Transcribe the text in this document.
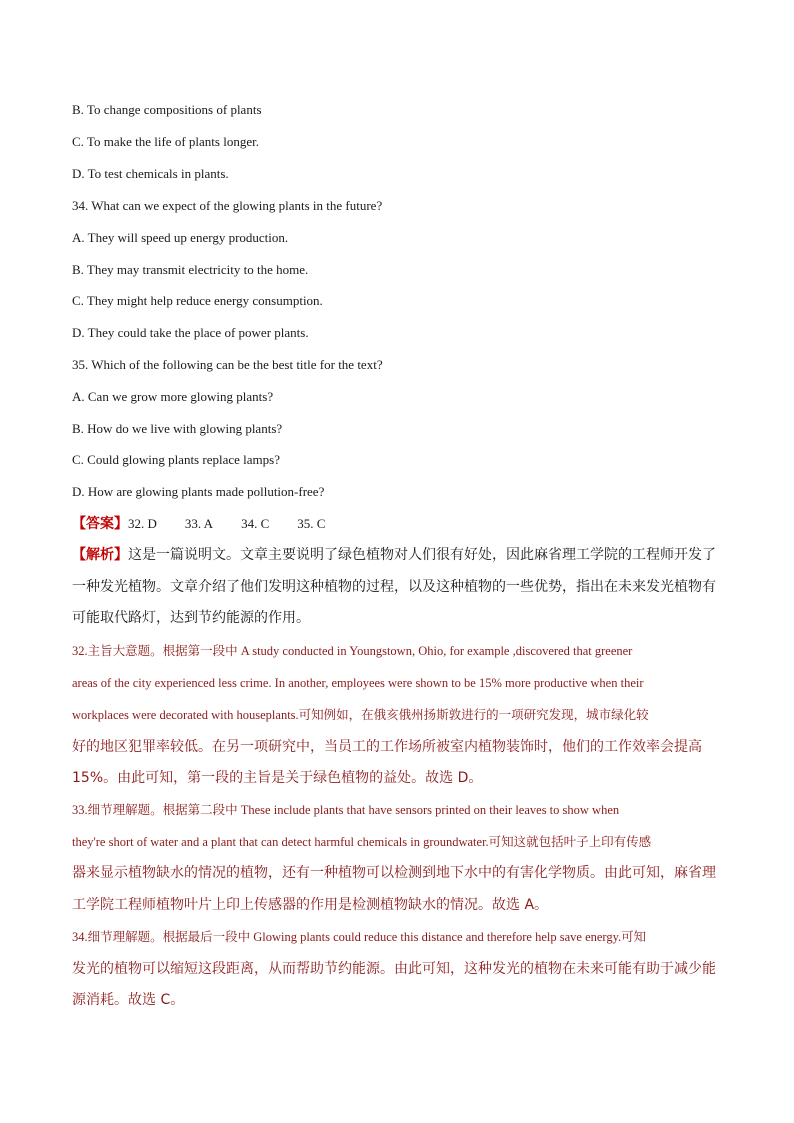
B. To change compositions of plants
C. To make the life of plants longer.
D. To test chemicals in plants.
34. What can we expect of the glowing plants in the future?
A. They will speed up energy production.
B. They may transmit electricity to the home.
C. They might help reduce energy consumption.
D. They could take the place of power plants.
35. Which of the following can be the best title for the text?
A. Can we grow more glowing plants?
B. How do we live with glowing plants?
C. Could glowing plants replace lamps?
D. How are glowing plants made pollution-free?
【答案】32. D 33. A 34. C 35. C
【解析】这是一篇说明文。文章主要说明了绿色植物对人们很有好处，因此麻省理工学院的工程师开发了
一种发光植物。文章介绍了他们发明这种植物的过程，以及这种植物的一些优势，指出在未来发光植物有
可能取代路灯，达到节约能源的作用。
32.主旨大意题。根据第一段中 A study conducted in Youngstown, Ohio, for example ,discovered that greener
areas of the city experienced less crime. In another, employees were shown to be 15% more productive when their
workplaces were decorated with houseplants.可知例如，在俄亥俄州扬斯敦进行的一项研究发现，城市绿化较
好的地区犯罪率较低。在另一项研究中，当员工的工作场所被室内植物装饰时，他们的工作效率会提高
15%。由此可知，第一段的主旨是关于绿色植物的益处。故选 D。
33.细节理解题。根据第二段中 These include plants that have sensors printed on their leaves to show when
they're short of water and a plant that can detect harmful chemicals in groundwater.可知这就包括叶子上印有传感
器来显示植物缺水的情况的植物，还有一种植物可以检测到地下水中的有害化学物质。由此可知，麻省理
工学院工程师植物叶片上印上传感器的作用是检测植物缺水的情况。故选 A。
34.细节理解题。根据最后一段中 Glowing plants could reduce this distance and therefore help save energy.可知
发光的植物可以缩短这段距离，从而帮助节约能源。由此可知，这种发光的植物在未来可能有助于减少能
源消耗。故选 C。
